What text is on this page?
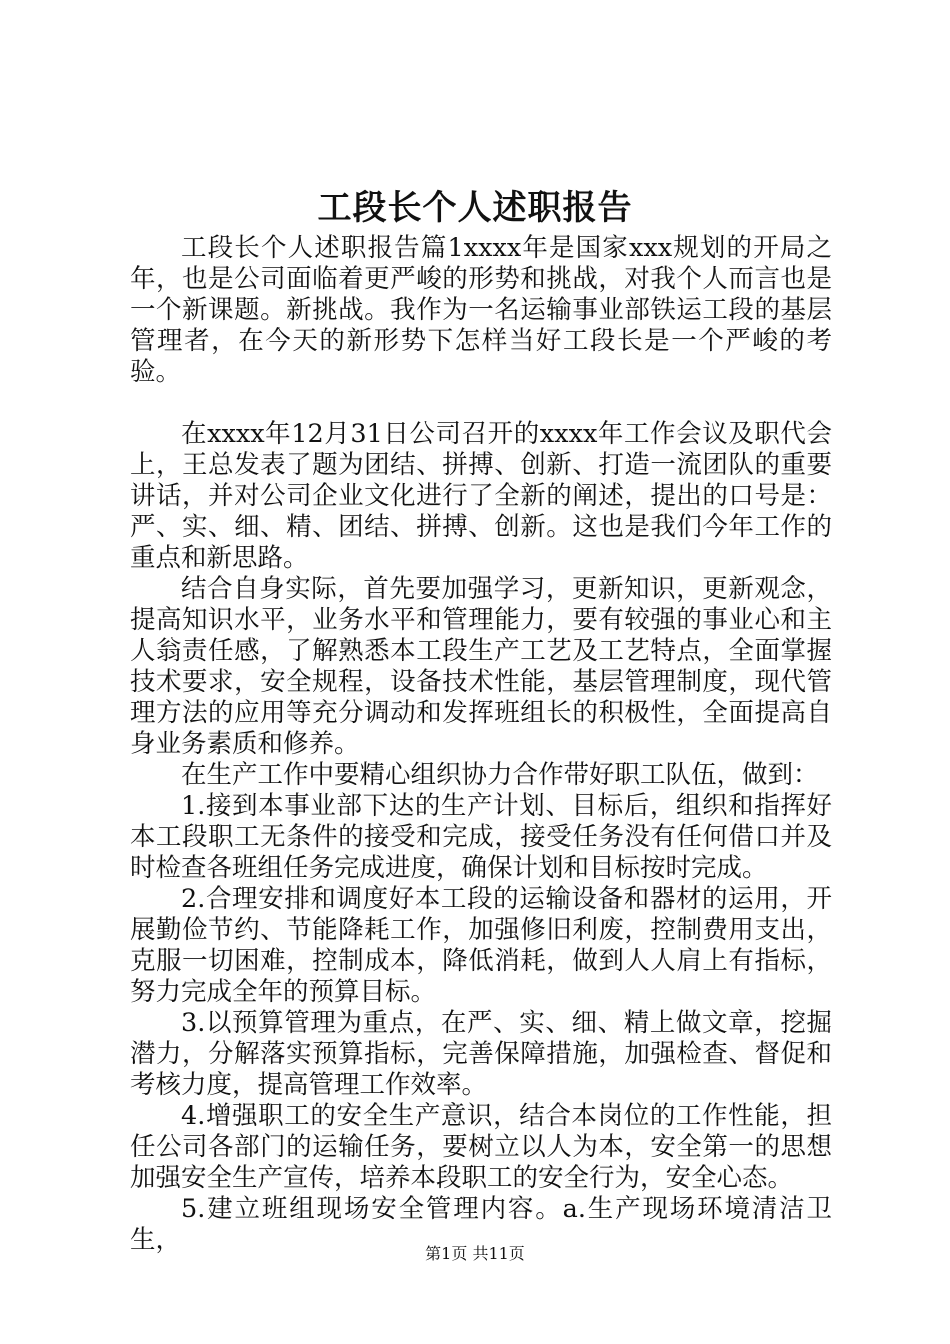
工段长个人述职报告

工段长个人述职报告篇1xxxx年是国家xxx规划的开局之年，也是公司面临着更严峻的形势和挑战，对我个人而言也是一个新课题。新挑战。我作为一名运输事业部铁运工段的基层管理者，在今天的新形势下怎样当好工段长是一个严峻的考验。

在xxxx年12月31日公司召开的xxxx年工作会议及职代会上，王总发表了题为团结、拼搏、创新、打造一流团队的重要讲话，并对公司企业文化进行了全新的阐述，提出的口号是：严、实、细、精、团结、拼搏、创新。这也是我们今年工作的重点和新思路。

结合自身实际，首先要加强学习，更新知识，更新观念，提高知识水平，业务水平和管理能力，要有较强的事业心和主人翁责任感，了解熟悉本工段生产工艺及工艺特点，全面掌握技术要求，安全规程，设备技术性能，基层管理制度，现代管理方法的应用等充分调动和发挥班组长的积极性，全面提高自身业务素质和修养。

在生产工作中要精心组织协力合作带好职工队伍，做到：

1.接到本事业部下达的生产计划、目标后，组织和指挥好本工段职工无条件的接受和完成，接受任务没有任何借口并及时检查各班组任务完成进度，确保计划和目标按时完成。

2.合理安排和调度好本工段的运输设备和器材的运用，开展勤俭节约、节能降耗工作，加强修旧利废，控制费用支出，克服一切困难，控制成本，降低消耗，做到人人肩上有指标，努力完成全年的预算目标。

3.以预算管理为重点，在严、实、细、精上做文章，挖掘潜力，分解落实预算指标，完善保障措施，加强检查、督促和考核力度，提高管理工作效率。

4.增强职工的安全生产意识，结合本岗位的工作性能，担任公司各部门的运输任务，要树立以人为本，安全第一的思想加强安全生产宣传，培养本段职工的安全行为，安全心态。

5.建立班组现场安全管理内容。a.生产现场环境清洁卫生，	第1页 共11页
